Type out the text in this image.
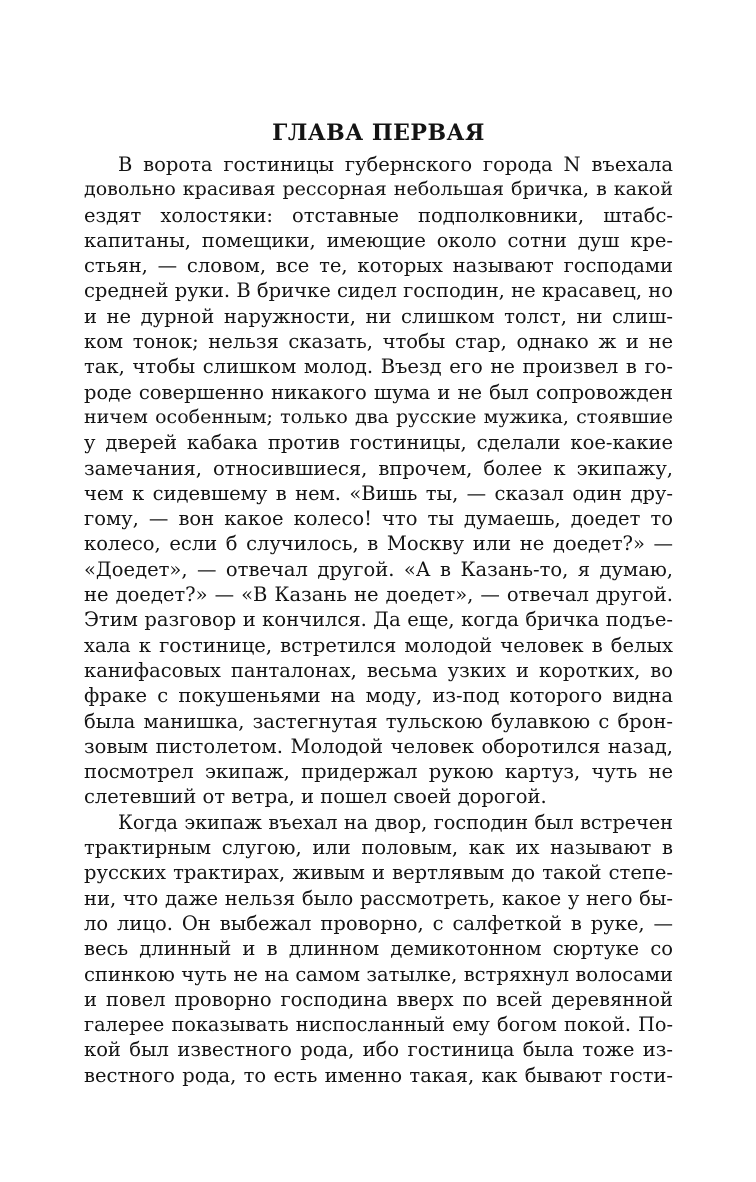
ГЛАВА ПЕРВАЯ
В ворота гостиницы губернского города N въехала
довольно красивая рессорная небольшая бричка, в какой
ездят холостяки: отставные подполковники, штабс-
капитаны, помещики, имеющие около сотни душ кре-
стьян, — словом, все те, которых называют господами
средней руки. В бричке сидел господин, не красавец, но
и не дурной наружности, ни слишком толст, ни слиш-
ком тонок; нельзя сказать, чтобы стар, однако ж и не
так, чтобы слишком молод. Въезд его не произвел в го-
роде совершенно никакого шума и не был сопровожден
ничем особенным; только два русские мужика, стоявшие
у дверей кабака против гостиницы, сделали кое-какие
замечания, относившиеся, впрочем, более к экипажу,
чем к сидевшему в нем. «Вишь ты, — сказал один дру-
гому, — вон какое колесо! что ты думаешь, доедет то
колесо, если б случилось, в Москву или не доедет?» —
«Доедет», — отвечал другой. «А в Казань-то, я думаю,
не доедет?» — «В Казань не доедет», — отвечал другой.
Этим разговор и кончился. Да еще, когда бричка подъе-
хала к гостинице, встретился молодой человек в белых
канифасовых панталонах, весьма узких и коротких, во
фраке с покушеньями на моду, из-под которого видна
была манишка, застегнутая тульскою булавкою с брон-
зовым пистолетом. Молодой человек оборотился назад,
посмотрел экипаж, придержал рукою картуз, чуть не
слетевший от ветра, и пошел своей дорогой.
Когда экипаж въехал на двор, господин был встречен
трактирным слугою, или половым, как их называют в
русских трактирах, живым и вертлявым до такой степе-
ни, что даже нельзя было рассмотреть, какое у него бы-
ло лицо. Он выбежал проворно, с салфеткой в руке, —
весь длинный и в длинном демикотонном сюртуке со
спинкою чуть не на самом затылке, встряхнул волосами
и повел проворно господина вверх по всей деревянной
галерее показывать ниспосланный ему богом покой. По-
кой был известного рода, ибо гостиница была тоже из-
вестного рода, то есть именно такая, как бывают гости-
